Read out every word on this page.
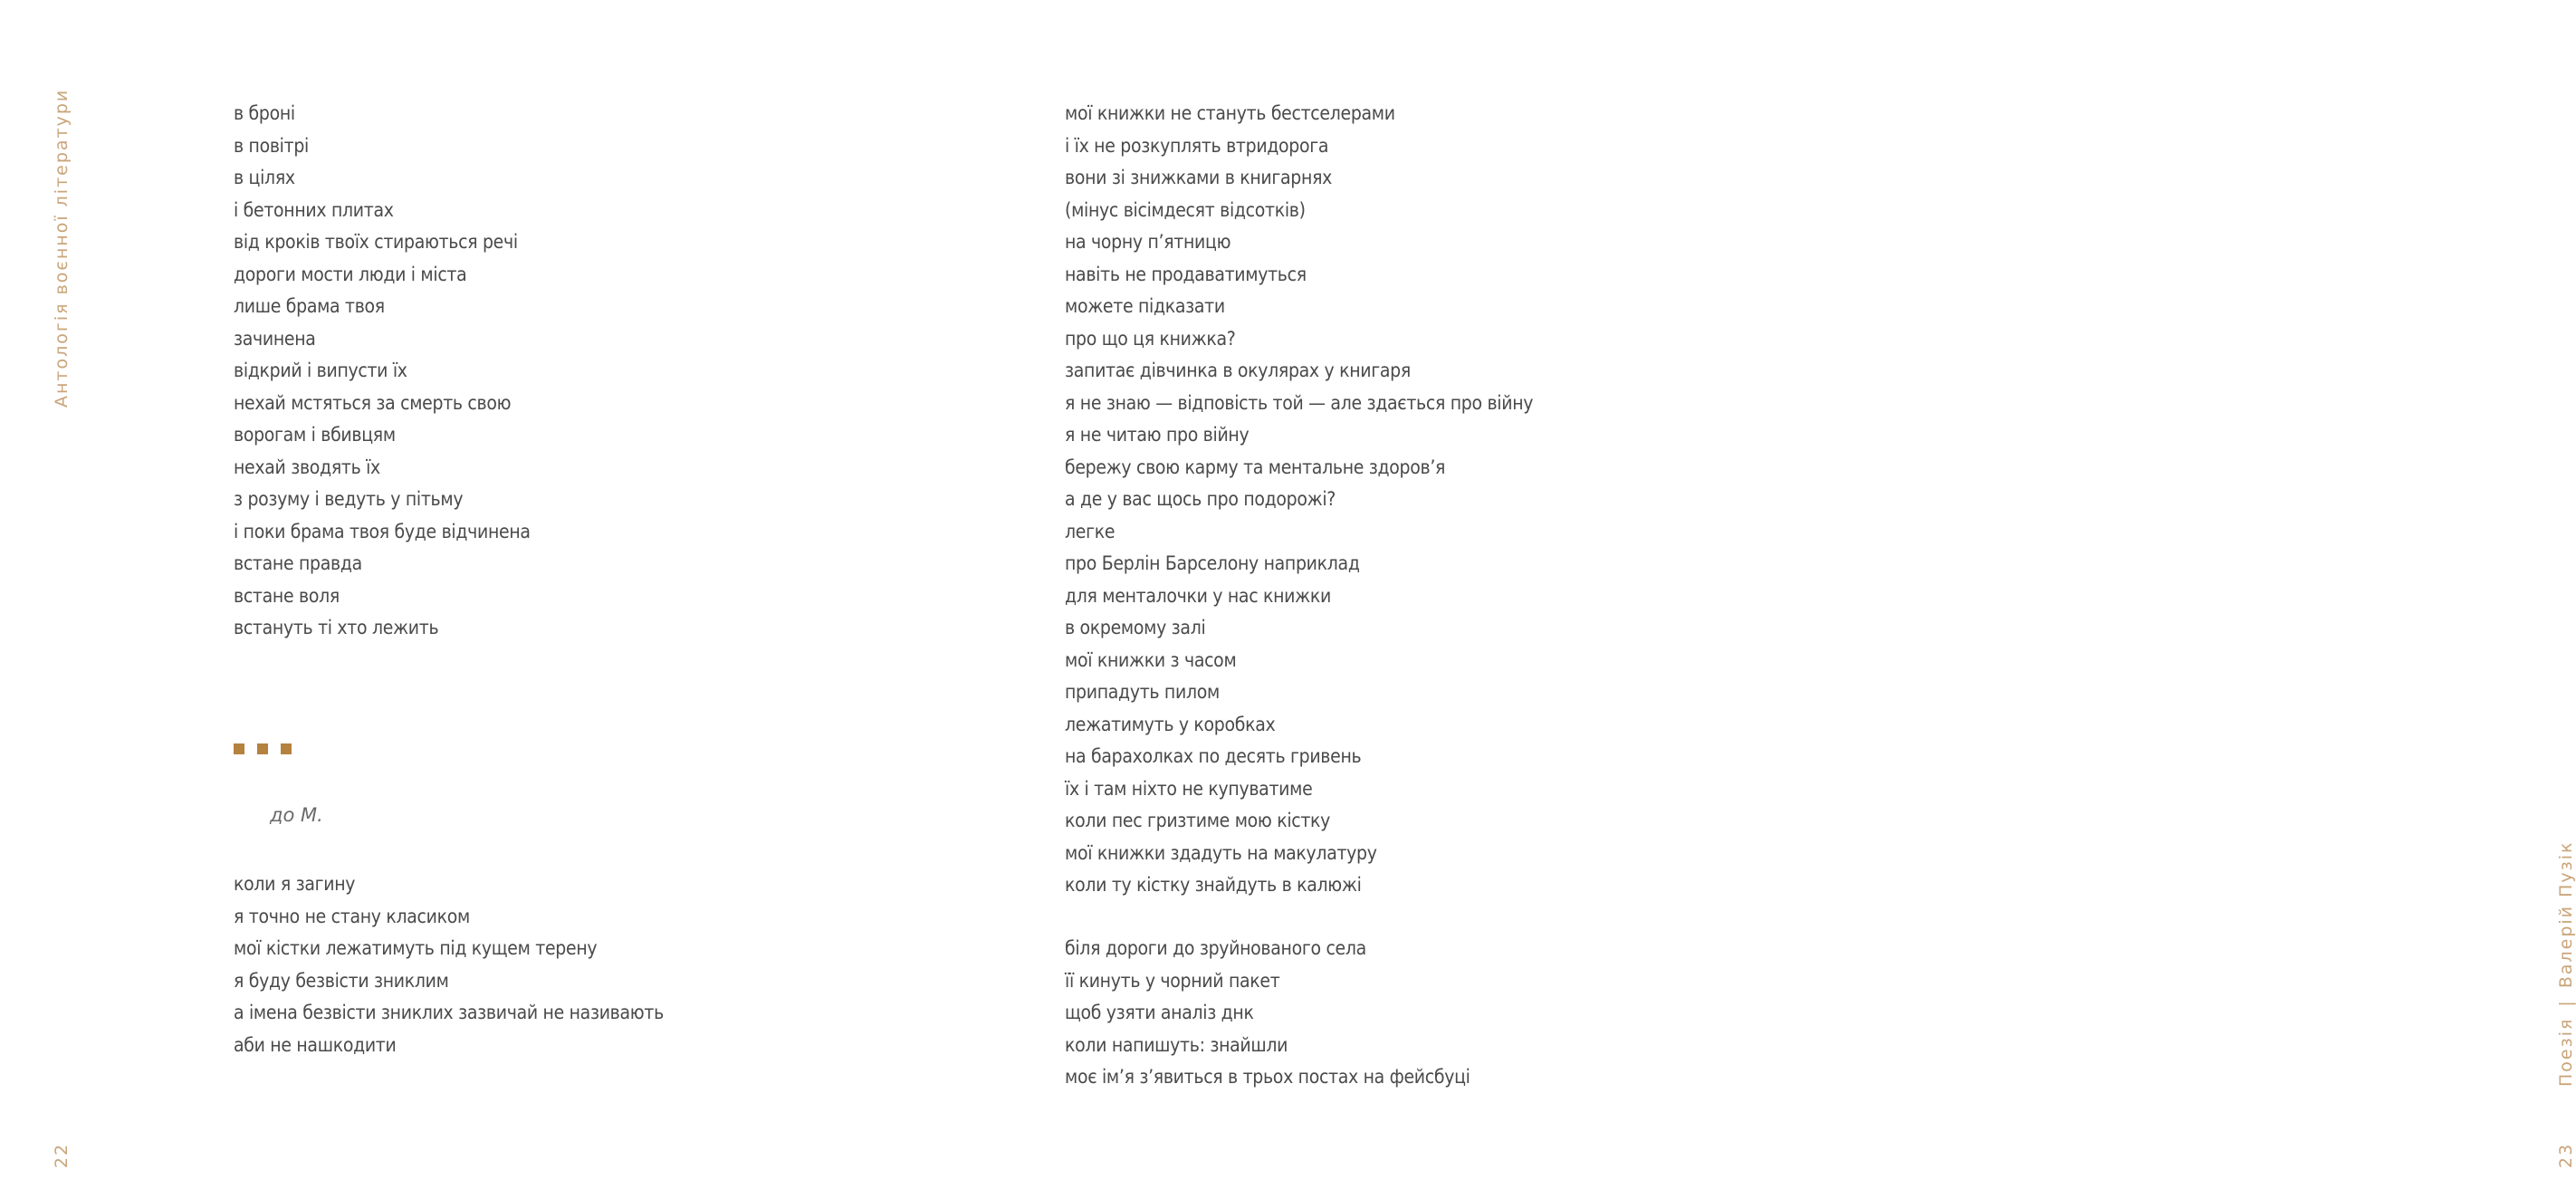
Антологія воєнної літератури
22
Поезія|Валерій Пузік
23
в броні
в повітрі
в цілях
і бетонних плитах
від кроків твоїх стираються речі
дороги мости люди і міста
лише брама твоя
зачинена
відкрий і випусти їх
нехай мстяться за смерть свою
ворогам і вбивцям
нехай зводять їх
з розуму і ведуть у пітьму
і поки брама твоя буде відчинена
встане правда
встане воля
встануть ті хто лежить
до М.
коли я загину
я точно не стану класиком
мої кістки лежатимуть під кущем терену
я буду безвісти зниклим
а імена безвісти зниклих зазвичай не називають
аби не нашкодити
мої книжки не стануть бестселерами
і їх не розкуплять втридорога
вони зі знижками в книгарнях
(мінус вісімдесят відсотків)
на чорну п’ятницю
навіть не продаватимуться
можете підказати
про що ця книжка?
запитає дівчинка в окулярах у книгаря
я не знаю — відповість той — але здається про війну
я не читаю про війну
бережу свою карму та ментальне здоров’я
а де у вас щось про подорожі?
легке
про Берлін Барселону наприклад
для менталочки у нас книжки
в окремому залі
мої книжки з часом
припадуть пилом
лежатимуть у коробках
на барахолках по десять гривень
їх і там ніхто не купуватиме
коли пес гризтиме мою кістку
мої книжки здадуть на макулатуру
коли ту кістку знайдуть в калюжі
біля дороги до зруйнованого села
її кинуть у чорний пакет
щоб узяти аналіз днк
коли напишуть: знайшли
моє ім’я з’явиться в трьох постах на фейсбуці
